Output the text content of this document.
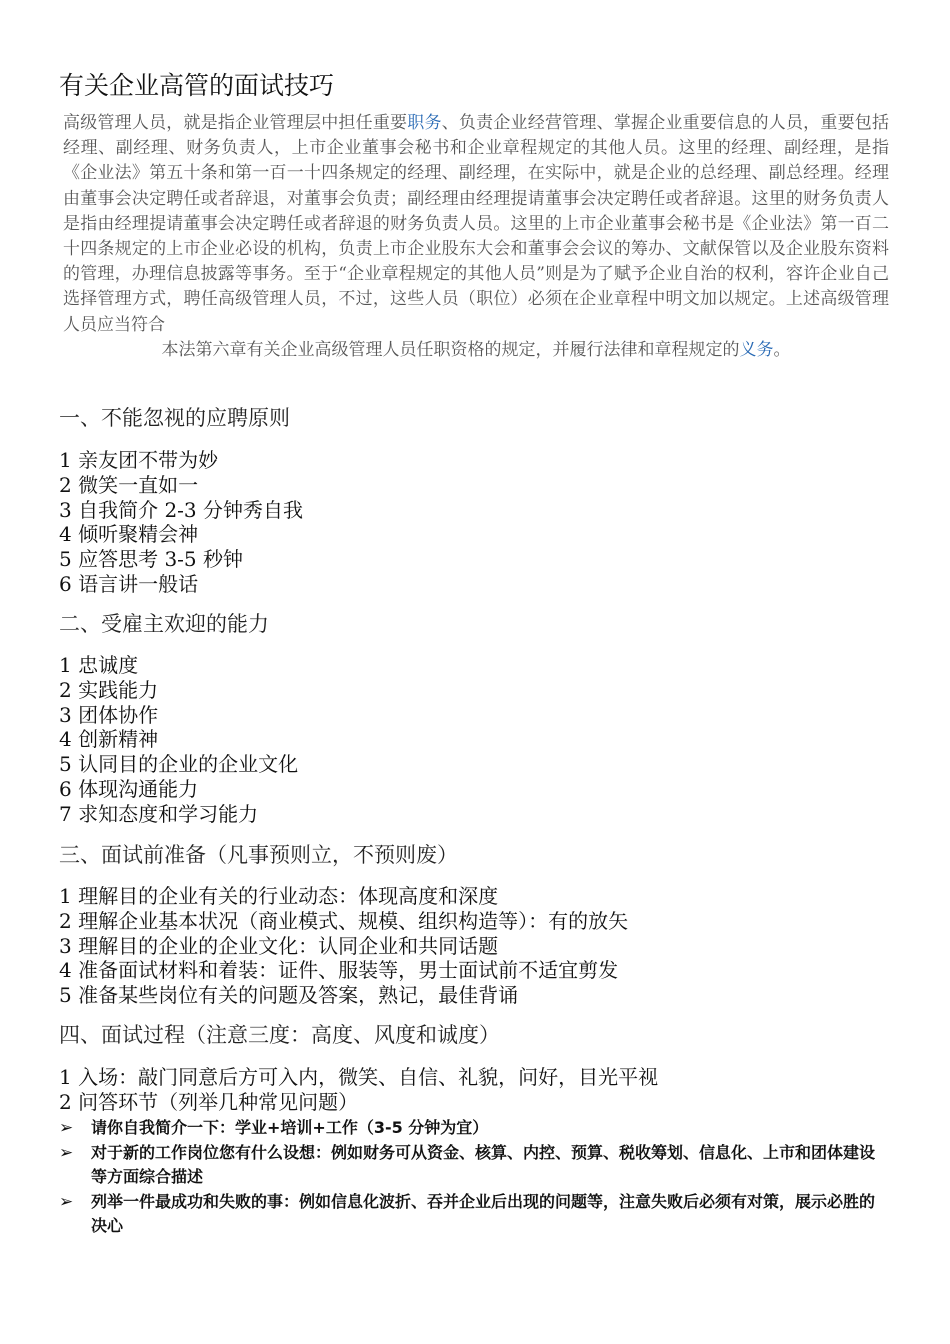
有关企业高管的面试技巧
高级管理人员，就是指企业管理层中担任重要职务、负责企业经营管理、掌握企业重要信息的人员，重要包括经理、副经理、财务负责人，上市企业董事会秘书和企业章程规定的其他人员。这里的经理、副经理，是指《企业法》第五十条和第一百一十四条规定的经理、副经理，在实际中，就是企业的总经理、副总经理。经理由董事会决定聘任或者辞退，对董事会负责；副经理由经理提请董事会决定聘任或者辞退。这里的财务负责人是指由经理提请董事会决定聘任或者辞退的财务负责人员。这里的上市企业董事会秘书是《企业法》第一百二十四条规定的上市企业必设的机构，负责上市企业股东大会和董事会会议的筹办、文献保管以及企业股东资料的管理，办理信息披露等事务。至于“企业章程规定的其他人员”则是为了赋予企业自治的权利，容许企业自己选择管理方式，聘任高级管理人员，不过，这些人员（职位）必须在企业章程中明文加以规定。上述高级管理人员应当符合
本法第六章有关企业高级管理人员任职资格的规定，并履行法律和章程规定的义务。
一、不能忽视的应聘原则
1 亲友团不带为妙
2 微笑一直如一
3 自我简介 2-3 分钟秀自我
4 倾听聚精会神
5 应答思考 3-5 秒钟
6 语言讲一般话
二、受雇主欢迎的能力
1 忠诚度
2 实践能力
3 团体协作
4 创新精神
5 认同目的企业的企业文化
6 体现沟通能力
7 求知态度和学习能力
三、面试前准备（凡事预则立，不预则废）
1 理解目的企业有关的行业动态：体现高度和深度
2 理解企业基本状况（商业模式、规模、组织构造等）：有的放矢
3 理解目的企业的企业文化：认同企业和共同话题
4 准备面试材料和着装：证件、服装等，男士面试前不适宜剪发
5 准备某些岗位有关的问题及答案，熟记，最佳背诵
四、面试过程（注意三度：高度、风度和诚度）
1 入场：敲门同意后方可入内，微笑、自信、礼貌，问好，目光平视
2 问答环节（列举几种常见问题）
➢ 请你自我简介一下：学业+培训+工作（3-5 分钟为宜）
➢ 对于新的工作岗位您有什么设想：例如财务可从资金、核算、内控、预算、税收筹划、信息化、上市和团体建设等方面综合描述
➢ 列举一件最成功和失败的事：例如信息化波折、吞并企业后出现的问题等，注意失败后必须有对策，展示必胜的决心
